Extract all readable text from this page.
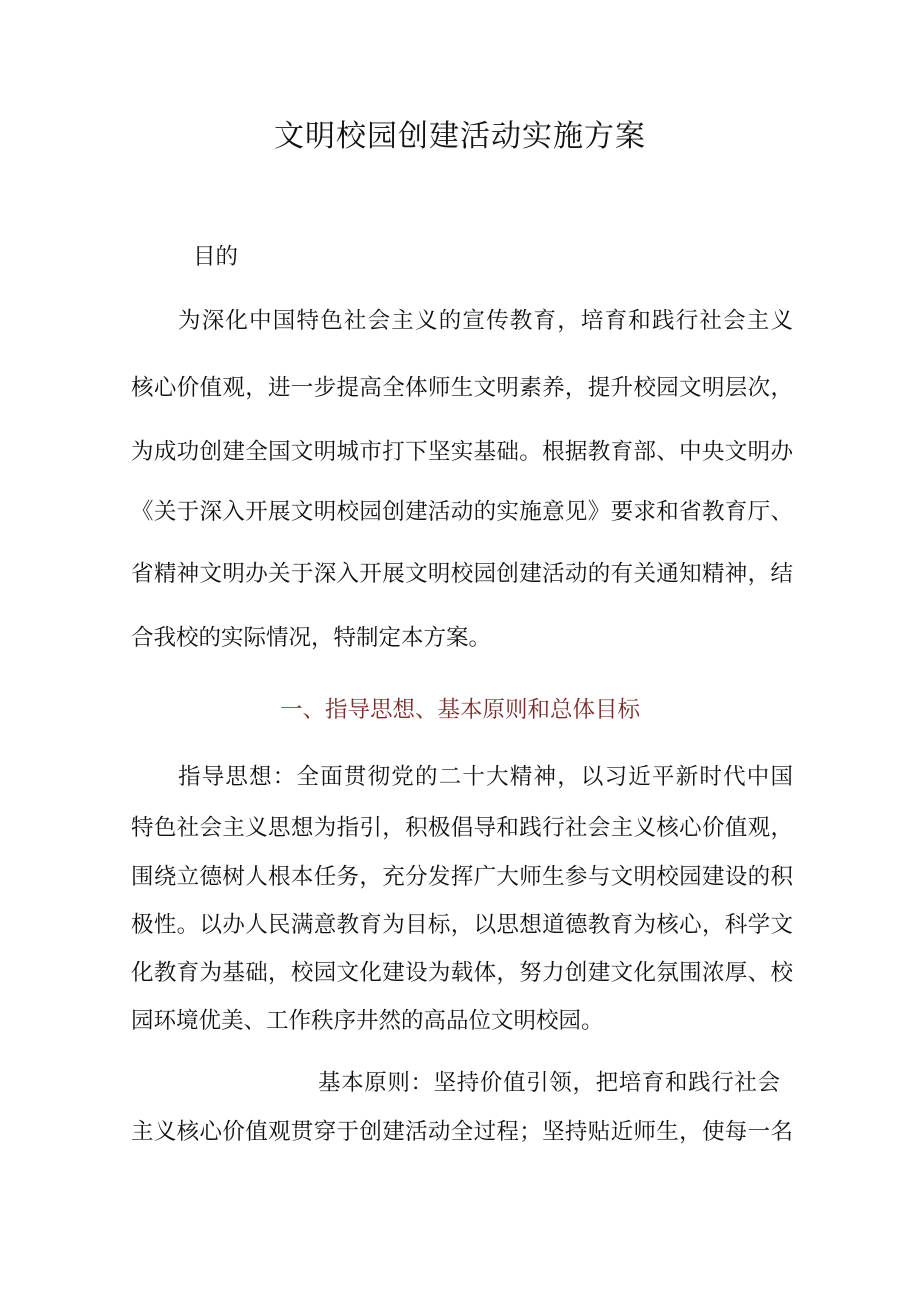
文明校园创建活动实施方案
目的
为深化中国特色社会主义的宣传教育，培育和践行社会主义
核心价值观，进一步提高全体师生文明素养，提升校园文明层次，
为成功创建全国文明城市打下坚实基础。根据教育部、中央文明办
《关于深入开展文明校园创建活动的实施意见》要求和省教育厅、
省精神文明办关于深入开展文明校园创建活动的有关通知精神，结
合我校的实际情况，特制定本方案。
一、指导思想、基本原则和总体目标
指导思想：全面贯彻党的二十大精神，以习近平新时代中国
特色社会主义思想为指引，积极倡导和践行社会主义核心价值观，
围绕立德树人根本任务，充分发挥广大师生参与文明校园建设的积
极性。以办人民满意教育为目标，以思想道德教育为核心，科学文
化教育为基础，校园文化建设为载体，努力创建文化氛围浓厚、校
园环境优美、工作秩序井然的高品位文明校园。
基本原则：坚持价值引领，把培育和践行社会
主义核心价值观贯穿于创建活动全过程；坚持贴近师生，使每一名
